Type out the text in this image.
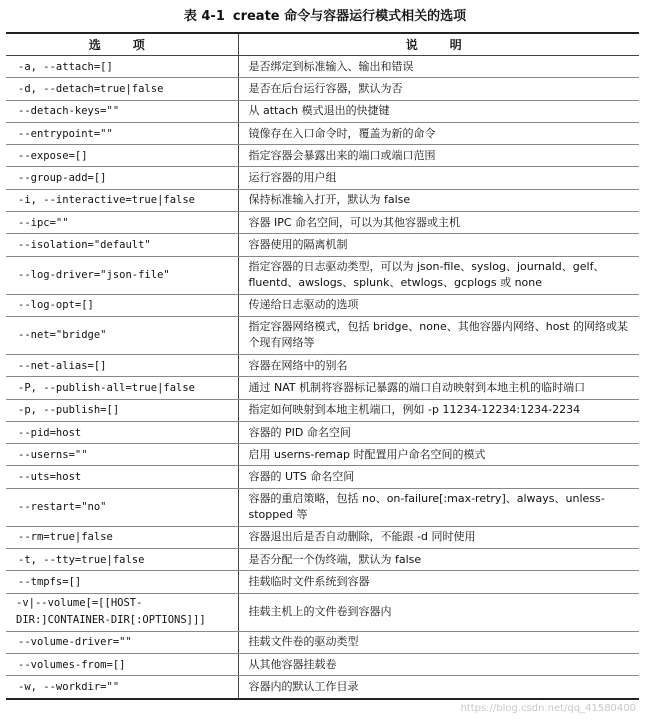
表 4-1 create 命令与容器运行模式相关的选项
选　项	说　明
-a, --attach=[]	是否绑定到标准输入、输出和错误
-d, --detach=true|false	是否在后台运行容器，默认为否
--detach-keys=""	从 attach 模式退出的快捷键
--entrypoint=""	镜像存在入口命令时，覆盖为新的命令
--expose=[]	指定容器会暴露出来的端口或端口范围
--group-add=[]	运行容器的用户组
-i, --interactive=true|false	保持标准输入打开，默认为 false
--ipc=""	容器 IPC 命名空间，可以为其他容器或主机
--isolation="default"	容器使用的隔离机制
--log-driver="json-file"	指定容器的日志驱动类型，可以为 json-file、syslog、journald、gelf、fluentd、awslogs、splunk、etwlogs、gcplogs 或 none
--log-opt=[]	传递给日志驱动的选项
--net="bridge"	指定容器网络模式，包括 bridge、none、其他容器内网络、host 的网络或某个现有网络等
--net-alias=[]	容器在网络中的别名
-P, --publish-all=true|false	通过 NAT 机制将容器标记暴露的端口自动映射到本地主机的临时端口
-p, --publish=[]	指定如何映射到本地主机端口，例如 -p 11234-12234:1234-2234
--pid=host	容器的 PID 命名空间
--userns=""	启用 userns-remap 时配置用户命名空间的模式
--uts=host	容器的 UTS 命名空间
--restart="no"	容器的重启策略，包括 no、on-failure[:max-retry]、always、unless-stopped 等
--rm=true|false	容器退出后是否自动删除，不能跟 -d 同时使用
-t, --tty=true|false	是否分配一个伪终端，默认为 false
--tmpfs=[]	挂载临时文件系统到容器
-v|--volume[=[[HOST-DIR:]CONTAINER-DIR[:OPTIONS]]]	挂载主机上的文件卷到容器内
--volume-driver=""	挂载文件卷的驱动类型
--volumes-from=[]	从其他容器挂载卷
-w, --workdir=""	容器内的默认工作目录
https://blog.csdn.net/qq_41580400
